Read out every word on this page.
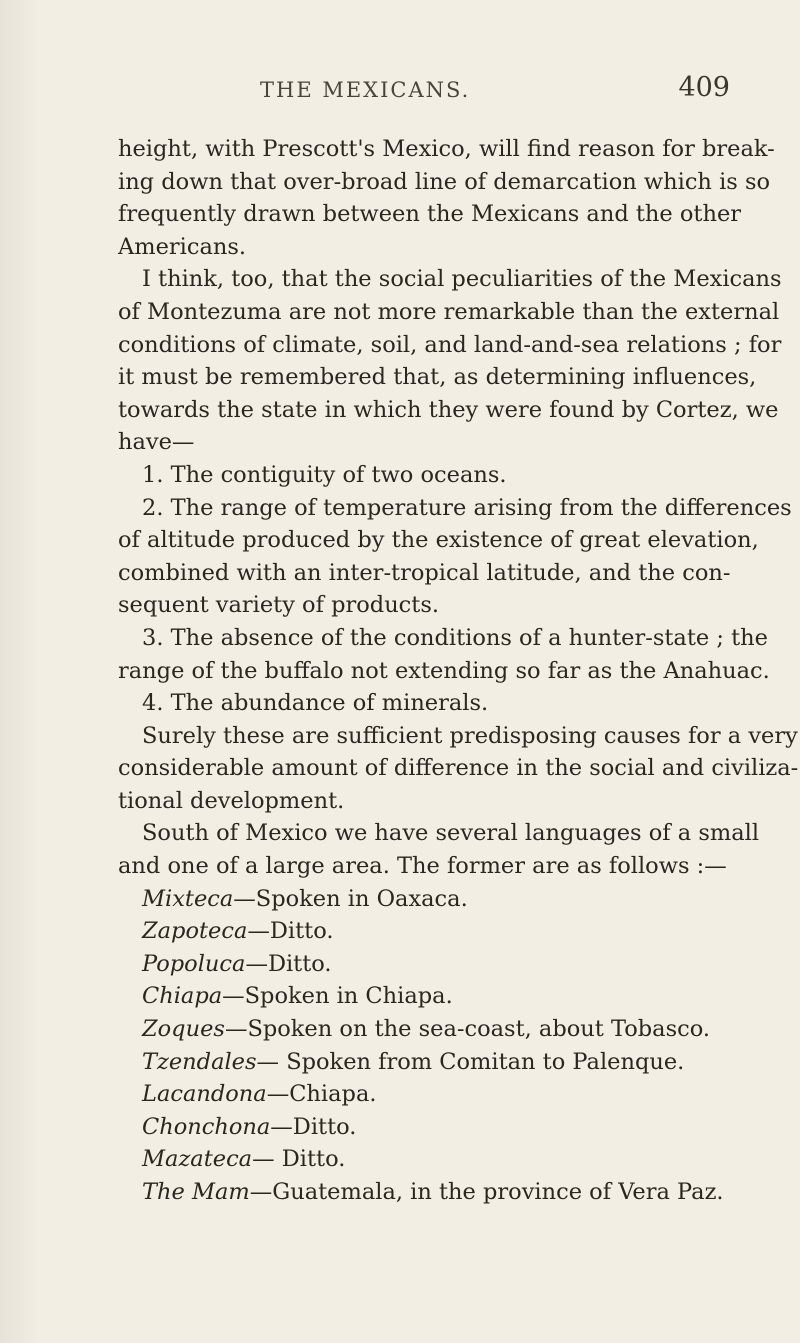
THE MEXICANS.	409
height, with Prescott's Mexico, will find reason for break-
ing down that over-broad line of demarcation which is so
frequently drawn between the Mexicans and the other
Americans.
I think, too, that the social peculiarities of the Mexicans
of Montezuma are not more remarkable than the external
conditions of climate, soil, and land-and-sea relations ; for
it must be remembered that, as determining influences,
towards the state in which they were found by Cortez, we
have—
1. The contiguity of two oceans.
2. The range of temperature arising from the differences
of altitude produced by the existence of great elevation,
combined with an inter-tropical latitude, and the con-
sequent variety of products.
3. The absence of the conditions of a hunter-state ; the
range of the buffalo not extending so far as the Anahuac.
4. The abundance of minerals.
Surely these are sufficient predisposing causes for a very
considerable amount of difference in the social and civiliza-
tional development.
South of Mexico we have several languages of a small
and one of a large area. The former are as follows :—
Mixteca—Spoken in Oaxaca.
Zapoteca—Ditto.
Popoluca—Ditto.
Chiapa—Spoken in Chiapa.
Zoques—Spoken on the sea-coast, about Tobasco.
Tzendales— Spoken from Comitan to Palenque.
Lacandona—Chiapa.
Chonchona—Ditto.
Mazateca— Ditto.
The Mam—Guatemala, in the province of Vera Paz.
